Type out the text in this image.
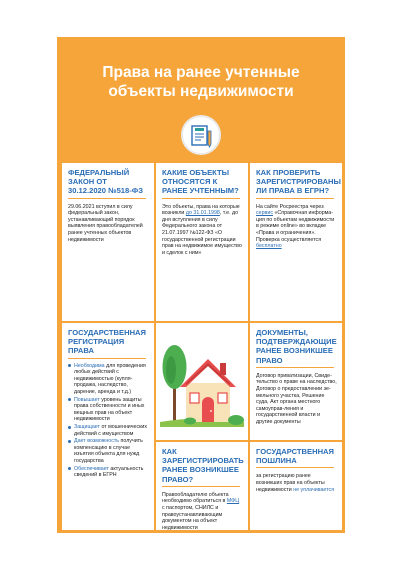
Права на ранее учтенные
объекты недвижимости
ФЕДЕРАЛЬНЫЙ ЗАКОН ОТ 30.12.2020 №518-ФЗ
29.06.2021 вступил в силу федеральный закон, устанавливающий порядок выявления правообладателей ранее учтенных объектов недвижимости
КАКИЕ ОБЪЕКТЫ ОТНОСЯТСЯ К РАНЕЕ УЧТЕННЫМ?
Это объекты, права на которые возникли до 31.01.1998, т.е. до дня вступления в силу Федерального закона от 21.07.1997 №122-ФЗ «О государственной регистрации прав на недвижимое имущество и сделок с ним»
КАК ПРОВЕРИТЬ ЗАРЕГИСТРИРОВАНЫ ЛИ ПРАВА В ЕГРН?
На сайте Росреестра через сервис «Справочная информа-ция по объектам недвижимости в режиме online» во вкладке «Права и ограничения». Проверка осуществляется бесплатно
ГОСУДАРСТВЕННАЯ РЕГИСТРАЦИЯ ПРАВА
Необходима для проведения любых действий с недвижимостью (купля-продажа, наследство, дарение, аренда и т.д.)
Повышает уровень защиты права собственности и иных вещных прав на объект недвижимости
Защищает от мошеннических действий с имуществом
Дает возможность получить компенсацию в случае изъятия объекта для нужд государства
Обеспечивает актуальность сведений в ЕГРН
ДОКУМЕНТЫ, ПОДТВЕРЖДАЮЩИЕ РАНЕЕ ВОЗНИКШЕЕ ПРАВО
Договор приватизации, Свиде-тельство о праве на наследство, Договор о предоставлении зе-мельного участка, Решение суда, Акт органа местного самоуправ-ления и государственной власти и другие документы
КАК ЗАРЕГИСТРИРОВАТЬ РАНЕЕ ВОЗНИКШЕЕ ПРАВО?
Правообладателю объекта необходимо обратиться в МФЦ с паспортом, СНИЛС и правоустанавливающим документом на объект недвижимости
ГОСУДАРСТВЕННАЯ ПОШЛИНА
за регистрацию ранее возникших прав на объекты недвижимости не уплачивается
